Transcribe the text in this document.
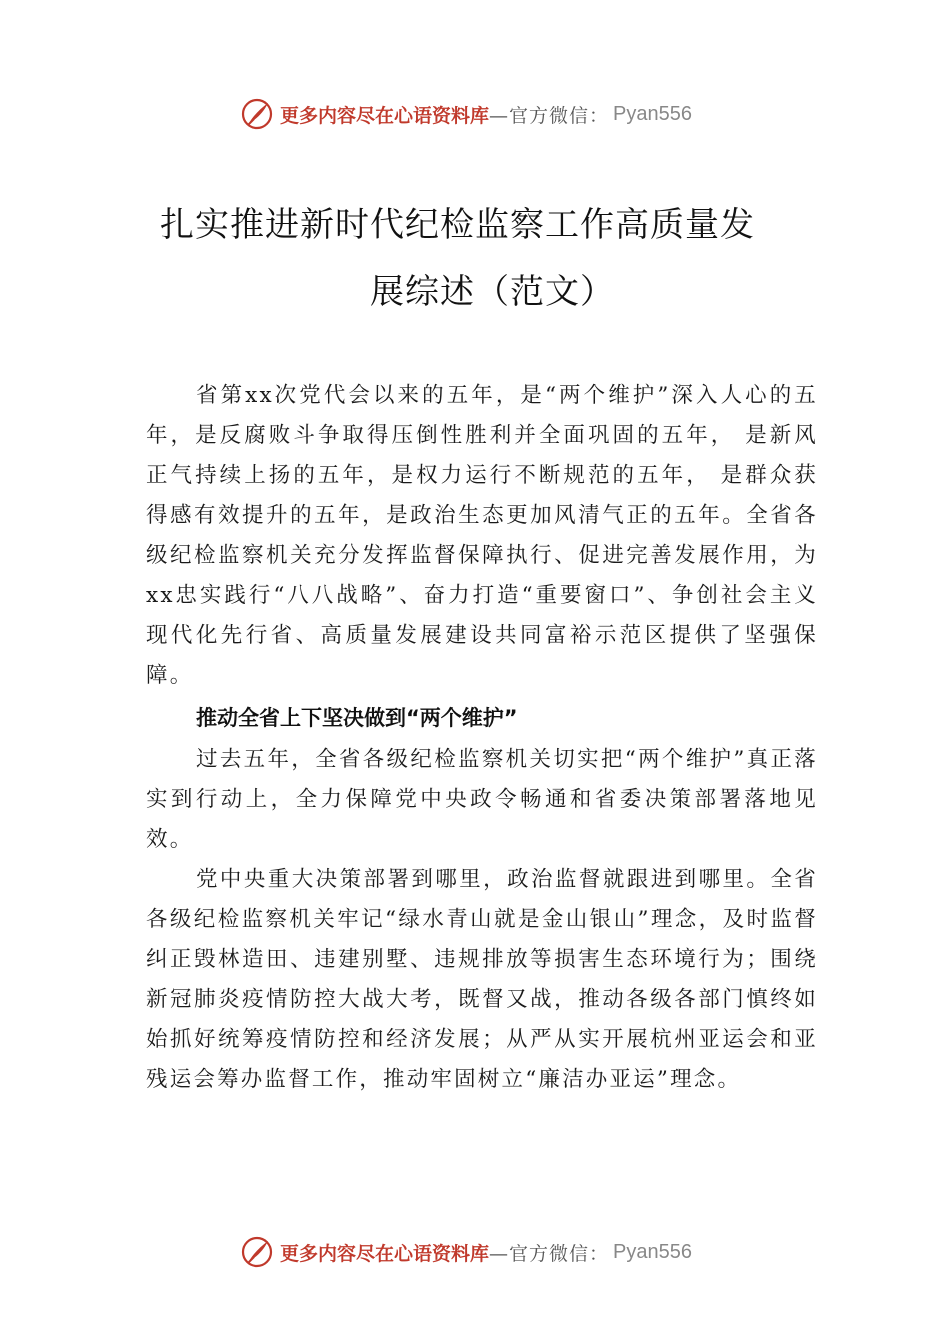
更多内容尽在心语资料库 —官方微信： Pyan556
扎实推进新时代纪检监察工作高质量发
展综述（范文）
省第xx次党代会以来的五年，是“两个维护”深入人心的五年，是反腐败斗争取得压倒性胜利并全面巩固的五年， 是新风正气持续上扬的五年，是权力运行不断规范的五年， 是群众获得感有效提升的五年，是政治生态更加风清气正的五年。全省各级纪检监察机关充分发挥监督保障执行、促进完善发展作用，为 xx忠实践行“八八战略”、奋力打造“重要窗口”、争创社会主义现代化先行省、高质量发展建设共同富裕示范区提供了坚强保障。
推动全省上下坚决做到“两个维护”
过去五年，全省各级纪检监察机关切实把“两个维护”真正落实到行动上，全力保障党中央政令畅通和省委决策部署落地见效。
党中央重大决策部署到哪里，政治监督就跟进到哪里。全省各级纪检监察机关牢记“绿水青山就是金山银山”理念，及时监督纠正毁林造田、违建别墅、违规排放等损害生态环境行为；围绕新冠肺炎疫情防控大战大考，既督又战，推动各级各部门慎终如始抓好统筹疫情防控和经济发展；从严从实开展杭州亚运会和亚残运会筹办监督工作，推动牢固树立“廉洁办亚运”理念。
更多内容尽在心语资料库 —官方微信： Pyan556
